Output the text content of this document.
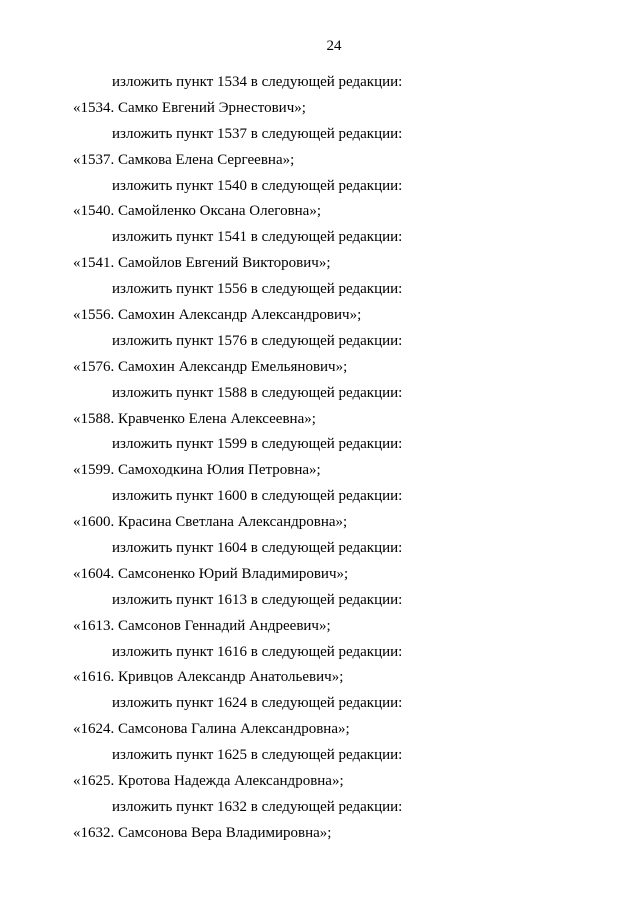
24
изложить пункт 1534 в следующей редакции:
«1534. Самко Евгений Эрнестович»;
изложить пункт 1537 в следующей редакции:
«1537. Самкова Елена Сергеевна»;
изложить пункт 1540 в следующей редакции:
«1540. Самойленко Оксана Олеговна»;
изложить пункт 1541 в следующей редакции:
«1541. Самойлов Евгений Викторович»;
изложить пункт 1556 в следующей редакции:
«1556. Самохин Александр Александрович»;
изложить пункт 1576 в следующей редакции:
«1576. Самохин Александр Емельянович»;
изложить пункт 1588 в следующей редакции:
«1588. Кравченко Елена Алексеевна»;
изложить пункт 1599 в следующей редакции:
«1599. Самоходкина Юлия Петровна»;
изложить пункт 1600 в следующей редакции:
«1600. Красина Светлана Александровна»;
изложить пункт 1604 в следующей редакции:
«1604. Самсоненко Юрий Владимирович»;
изложить пункт 1613 в следующей редакции:
«1613. Самсонов Геннадий Андреевич»;
изложить пункт 1616 в следующей редакции:
«1616. Кривцов Александр Анатольевич»;
изложить пункт 1624 в следующей редакции:
«1624. Самсонова Галина Александровна»;
изложить пункт 1625 в следующей редакции:
«1625. Кротова Надежда Александровна»;
изложить пункт 1632 в следующей редакции:
«1632. Самсонова Вера Владимировна»;
